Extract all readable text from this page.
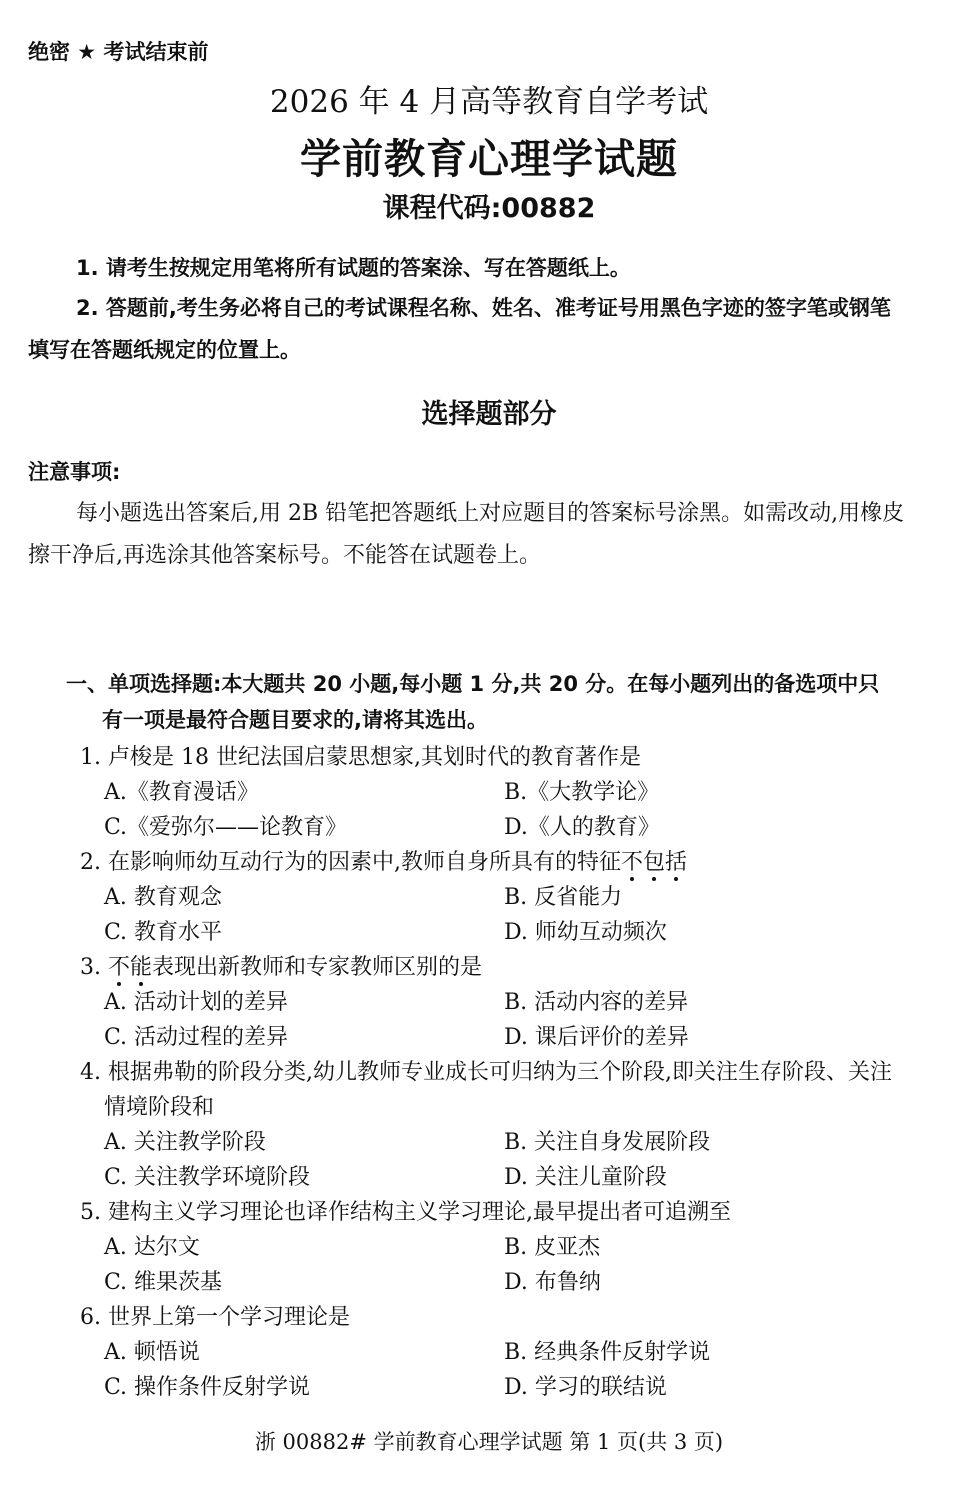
绝密 ★ 考试结束前
2026 年 4 月高等教育自学考试
学前教育心理学试题
课程代码:00882
1. 请考生按规定用笔将所有试题的答案涂、写在答题纸上。
2. 答题前,考生务必将自己的考试课程名称、姓名、准考证号用黑色字迹的签字笔或钢笔
填写在答题纸规定的位置上。
选择题部分
注意事项:
每小题选出答案后,用 2B 铅笔把答题纸上对应题目的答案标号涂黑。如需改动,用橡皮
擦干净后,再选涂其他答案标号。不能答在试题卷上。
一、单项选择题:本大题共 20 小题,每小题 1 分,共 20 分。在每小题列出的备选项中只
有一项是最符合题目要求的,请将其选出。
1. 卢梭是 18 世纪法国启蒙思想家,其划时代的教育著作是
A.《教育漫话》	B.《大教学论》
C.《爱弥尔——论教育》	D.《人的教育》
2. 在影响师幼互动行为的因素中,教师自身所具有的特征不包括
A. 教育观念	B. 反省能力
C. 教育水平	D. 师幼互动频次
3. 不能表现出新教师和专家教师区别的是
A. 活动计划的差异	B. 活动内容的差异
C. 活动过程的差异	D. 课后评价的差异
4. 根据弗勒的阶段分类,幼儿教师专业成长可归纳为三个阶段,即关注生存阶段、关注
情境阶段和
A. 关注教学阶段	B. 关注自身发展阶段
C. 关注教学环境阶段	D. 关注儿童阶段
5. 建构主义学习理论也译作结构主义学习理论,最早提出者可追溯至
A. 达尔文	B. 皮亚杰
C. 维果茨基	D. 布鲁纳
6. 世界上第一个学习理论是
A. 顿悟说	B. 经典条件反射学说
C. 操作条件反射学说	D. 学习的联结说
浙 00882# 学前教育心理学试题 第 1 页(共 3 页)
